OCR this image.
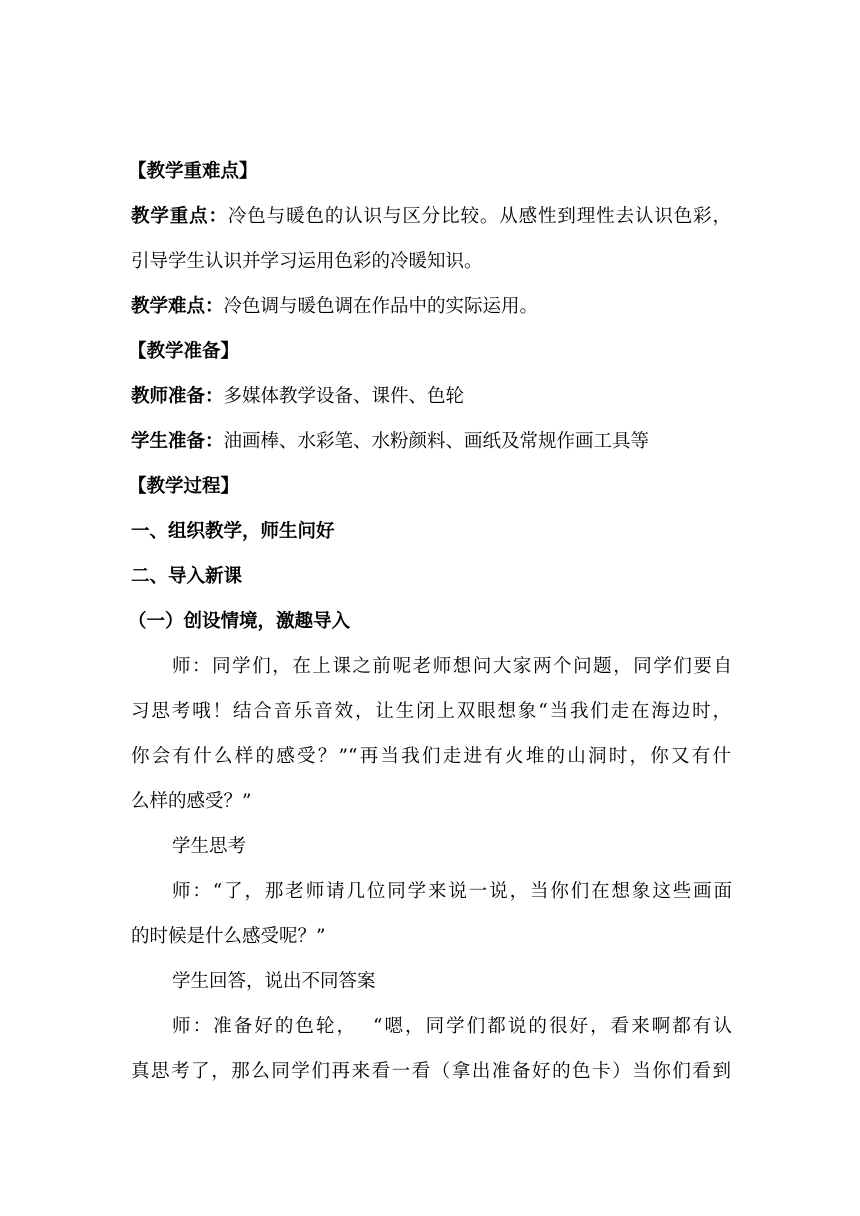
【教学重难点】
教学重点：冷色与暖色的认识与区分比较。从感性到理性去认识色彩，
引导学生认识并学习运用色彩的冷暖知识。
教学难点：冷色调与暖色调在作品中的实际运用。
【教学准备】
教师准备：多媒体教学设备、课件、色轮
学生准备：油画棒、水彩笔、水粉颜料、画纸及常规作画工具等
【教学过程】
一、组织教学，师生问好
二、导入新课
（一）创设情境，激趣导入
师：同学们，在上课之前呢老师想问大家两个问题，同学们要自
习思考哦！结合音乐音效，让生闭上双眼想象“当我们走在海边时，
你会有什么样的感受？”“再当我们走进有火堆的山洞时，你又有什
么样的感受？”
学生思考
师：“了，那老师请几位同学来说一说，当你们在想象这些画面
的时候是什么感受呢？”
学生回答，说出不同答案
师：准备好的色轮，  “嗯，同学们都说的很好，看来啊都有认
真思考了，那么同学们再来看一看（拿出准备好的色卡）当你们看到
